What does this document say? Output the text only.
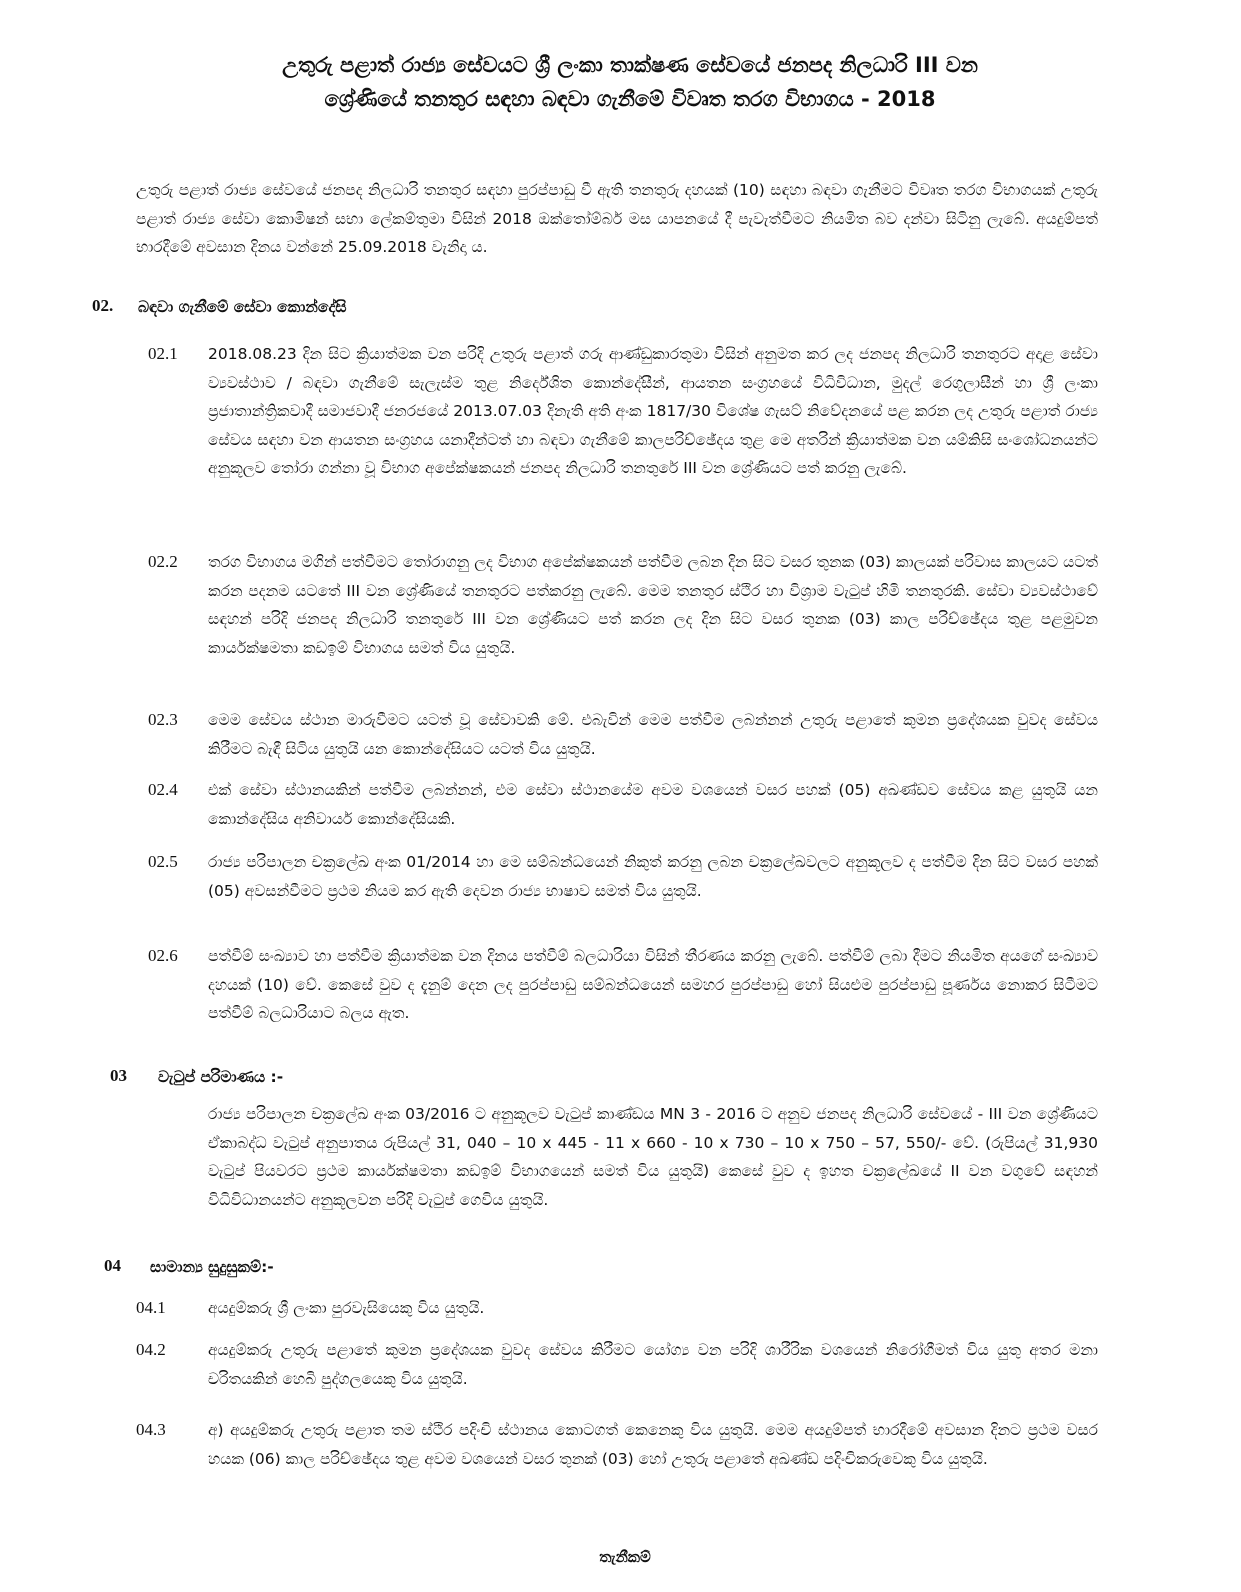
උතුරු පළාත් රාජ්‍ය සේවයට ශ්‍රී ලංකා තාක්ෂණ සේවයේ ජනපද නිලධාරි III වන
ශ්‍රේණියේ තනතුර සඳහා බඳවා ගැනීමේ විවෘත තරග විභාගය - 2018
උතුරු පළාත් රාජ්‍ය සේවයේ ජනපද නිලධාරි තනතුර සඳහා පුරප්පාඩු වී ඇති තනතුරු දහයක් (10) සඳහා බඳවා ගැනීමට විවෘත තරග විභාගයක් උතුරු පළාත් රාජ්‍ය සේවා කොමිෂන් සභා ලේකම්තුමා විසින් 2018 ඔක්තෝම්බර් මස යාපනයේ දී පැවැත්වීමට නියමිත බව දන්වා සිටිනු ලැබේ. අයදුම්පත් භාරදීමේ අවසාන දිනය වන්නේ 25.09.2018 වැනිදා ය.
02. බඳවා ගැනීමේ සේවා කොන්දේසි
02.1 2018.08.23 දින සිට ක්‍රියාත්මක වන පරිදි උතුරු පළාත් ගරු ආණ්ඩුකාරතුමා විසින් අනුමත කර ලද ජනපද නිලධාරි තනතුරට අදාළ සේවා ව්‍යවස්ථාව / බඳවා ගැනීමේ සැලැස්ම තුළ නිර්දේශිත කොන්දේසීන්, ආයතන සංග්‍රහයේ විධිවිධාන, මුදල් රෙගුලාසීන් හා ශ්‍රී ලංකා ප්‍රජාතාන්ත්‍රිකවාදී සමාජවාදී ජනරජයේ 2013.07.03 දිනැති අති අංක 1817/30 විශේෂ ගැසට් නිවේදනයේ පළ කරන ලද උතුරු පළාත් රාජ්‍ය සේවය සඳහා වන ආයතන සංග්‍රහය යනාදීන්ටත් හා බඳවා ගැනීමේ කාලපරිච්ඡේදය තුළ මෙ අතරින් ක්‍රියාත්මක වන යම්කිසි සංශෝධනයන්ට අනුකූලව තෝරා ගන්නා වූ විභාග අපේක්ෂකයන් ජනපද නිලධාරි තනතුරේ III වන ශ්‍රේණියට පත් කරනු ලැබේ.
02.2 තරග විභාගය මගින් පත්වීමට තෝරාගනු ලද විභාග අපේක්ෂකයන් පත්වීම ලබන දින සිට වසර තුනක (03) කාලයක් පරිවාස කාලයට යටත් කරන පදනම යටතේ III වන ශ්‍රේණියේ තනතුරට පත්කරනු ලැබේ. මෙම තනතුර ස්ථිර හා විශ්‍රාම වැටුප් හිමි තනතුරකි. සේවා ව්‍යවස්ථාවේ සඳහන් පරිදි ජනපද නිලධාරි තනතුරේ III වන ශ්‍රේණියට පත් කරන ලද දින සිට වසර තුනක (03) කාල පරිච්ඡේදය තුළ පළමුවන කාර්යක්ෂමතා කඩඉම් විභාගය සමත් විය යුතුයි.
02.3 මෙම සේවය ස්ථාන මාරුවීමට යටත් වූ සේවාවකි මේ. එබැවින් මෙම පත්වීම ලබන්නන් උතුරු පළාතේ කුමන ප්‍රදේශයක වුවද සේවය කිරීමට බැඳී සිටිය යුතුයි යන කොන්දේසියට යටත් විය යුතුයි.
02.4 එක් සේවා ස්ථානයකින් පත්වීම ලබන්නන්, එම සේවා ස්ථානයේම අවම වශයෙන් වසර පහක් (05) අඛණ්ඩව සේවය කළ යුතුයි යන කොන්දේසිය අනිවාර්ය කොන්දේසියකි.
02.5 රාජ්‍ය පරිපාලන චක්‍රලේඛ අංක 01/2014 හා මෙ සම්බන්ධයෙන් නිකුත් කරනු ලබන චක්‍රලේඛවලට අනුකූලව ද පත්වීම දින සිට වසර පහක් (05) අවසන්වීමට ප්‍රථම නියම කර ඇති දෙවන රාජ්‍ය භාෂාව සමත් විය යුතුයි.
02.6 පත්වීම් සංඛ්‍යාව හා පත්වීම ක්‍රියාත්මක වන දිනය පත්වීම් බලධාරියා විසින් තීරණය කරනු ලැබේ. පත්වීම් ලබා දීමට නියමිත අයගේ සංඛ්‍යාව දහයක් (10) වේ. කෙසේ වුව ද දැනුම් දෙන ලද පුරප්පාඩු සම්බන්ධයෙන් සමහර පුරප්පාඩු හෝ සියළුම පුරප්පාඩු පූර්ණය නොකර සිටීමට පත්වීම් බලධාරියාට බලය ඇත.
03 වැටුප් පරිමාණය :-
රාජ්‍ය පරිපාලන චක්‍රලේඛ අංක 03/2016 ට අනුකූලව වැටුප් කාණ්ඩය MN 3 - 2016 ට අනුව ජනපද නිලධාරි සේවයේ - III වන ශ්‍රේණියට ඒකාබද්ධ වැටුප් අනුපාතය රුපියල් 31, 040 – 10 x 445 - 11 x 660 - 10 x 730 – 10 x 750 – 57, 550/- වේ. (රුපියල් 31,930 වැටුප් පියවරට ප්‍රථම කාර්යක්ෂමතා කඩඉම් විභාගයෙන් සමත් විය යුතුයි) කෙසේ වුව ද ඉහත චක්‍රලේඛයේ II වන වගුවේ සඳහන් විධිවිධානයන්ට අනුකූලවන පරිදි වැටුප් ගෙවිය යුතුයි.
04 සාමාන්‍ය සුදුසුකම්:-
04.1	අයදුම්කරු ශ්‍රී ලංකා පුරවැසියෙකු විය යුතුයි.
04.2	අයදුම්කරු උතුරු පළාතේ කුමන ප්‍රදේශයක වුවද සේවය කිරීමට යෝග්‍ය වන පරිදි ශාරීරික වශයෙන් නිරෝගීමත් විය යුතු අතර මනා චරිතයකින් හෙබි පුද්ගලයෙකු විය යුතුයි.
04.3	අ) අයදුම්කරු උතුරු පළාත තම ස්ථිර පදිංචි ස්ථානය කොටගත් කෙනෙකු විය යුතුයි. මෙම අයදුම්පත් භාරදීමේ අවසාන දිනට ප්‍රථම වසර හයක (06) කාල පරිච්ඡේදය තුළ අවම වශයෙන් වසර තුනක් (03) හෝ උතුරු පළාතේ අඛණ්ඩ පදිංචිකරුවෙකු විය යුතුයි.
තැනීකම්
